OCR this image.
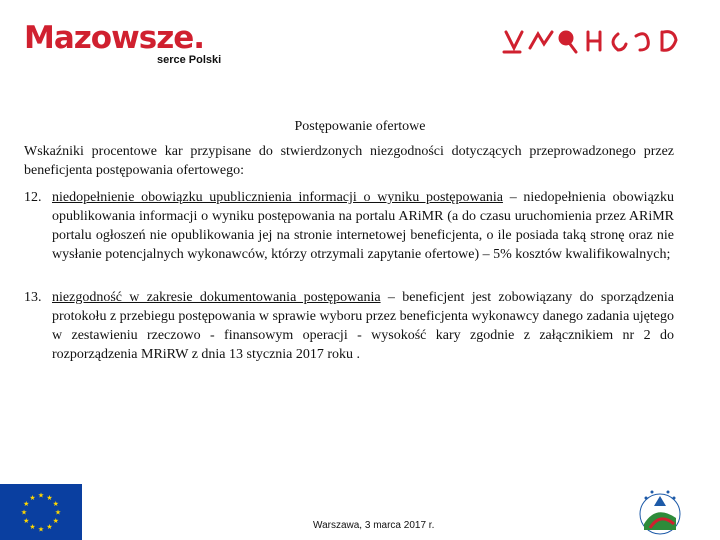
Mazowsze.
serce Polski
Postępowanie ofertowe
Wskaźniki procentowe kar przypisane do stwierdzonych niezgodności dotyczących przeprowadzonego przez beneficjenta postępowania ofertowego:
12. niedopełnienie obowiązku upublicznienia informacji o wyniku postępowania – niedopełnienia obowiązku opublikowania informacji o wyniku postępowania na portalu ARiMR (a do czasu uruchomienia przez ARiMR portalu ogłoszeń nie opublikowania jej na stronie internetowej beneficjenta, o ile posiada taką stronę oraz nie wysłanie potencjalnych wykonawców, którzy otrzymali zapytanie ofertowe) – 5% kosztów kwalifikowalnych;
13. niezgodność w zakresie dokumentowania postępowania – beneficjent jest zobowiązany do sporządzenia protokołu z przebiegu postępowania w sprawie wyboru przez beneficjenta wykonawcy danego zadania ujętego w zestawieniu rzeczowo - finansowym operacji - wysokość kary zgodnie z załącznikiem nr 2 do rozporządzenia MRiRW z dnia 13 stycznia 2017 roku .
★ ★
★
★
★
★
★
★
★
★
★
★
Warszawa, 3 marca 2017 r.
